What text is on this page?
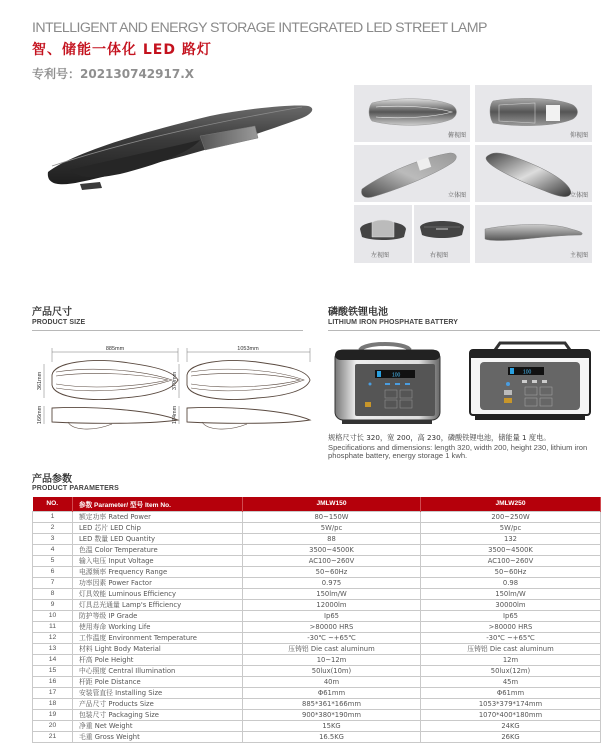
INTELLIGENT AND ENERGY STORAGE INTEGRATED LED STREET LAMP
智、储能一体化 LED 路灯
专利号：202130742917.X
俯视图	仰视图
立体图	立体图
左视图	右视图	主视图
产品尺寸
PRODUCT SIZE
885mm	1053mm
361mm	379mm
166mm	174mm
磷酸铁锂电池
LITHIUM IRON PHOSPHATE BATTERY
100	100
规格尺寸长 320，宽 200，高 230，磷酸铁锂电池，储能量 1 度电。
Specifications and dimensions: length 320, width 200, height 230, lithium iron phosphate battery, energy storage 1 kwh.
产品参数
PRODUCT PARAMETERS
NO.	参数 Parameter/ 型号 Item No.	JMLW150	JMLW250
1	额定功率 Rated Power	80~150W	200~250W
2	LED 芯片 LED Chip	5W/pc	5W/pc
3	LED 数量 LED Quantity	88	132
4	色温 Color Temperature	3500~4500K	3500~4500K
5	输入电压 Input Voltage	AC100~260V	AC100~260V
6	电源频率 Frequency Range	50~60Hz	50~60Hz
7	功率因素 Power Factor	0.975	0.98
8	灯具效能 Luminous Efficiency	150lm/W	150lm/W
9	灯具总光通量 Lamp's Efficiency	12000lm	30000lm
10	防护等级 IP Grade	Ip65	Ip65
11	使用寿命 Working Life	>80000 HRS	>80000 HRS
12	工作温度 Environment Temperature	-30℃ ~+65℃	-30℃ ~+65℃
13	材料 Light Body Material	压铸铝 Die cast aluminum	压铸铝 Die cast aluminum
14	杆高 Pole Height	10~12m	12m
15	中心照度 Central Illumination	50lux(10m)	50lux(12m)
16	杆距 Pole Distance	40m	45m
17	安装管直径 Installing Size	Φ61mm	Φ61mm
18	产品尺寸 Products Size	885*361*166mm	1053*379*174mm
19	包装尺寸 Packaging Size	900*380*190mm	1070*400*180mm
20	净重 Net Weight	15KG	24KG
21	毛重 Gross Weight	16.5KG	26KG
